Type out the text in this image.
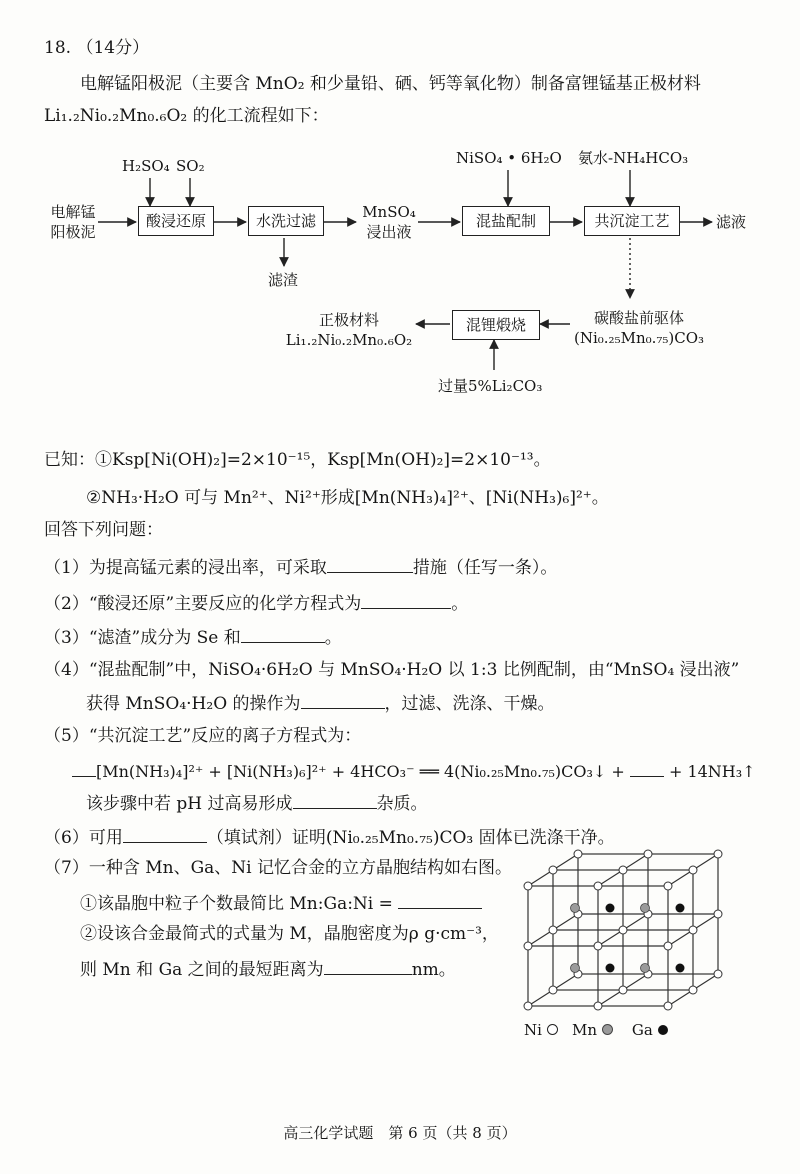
18. （14分）
电解锰阳极泥（主要含 MnO₂ 和少量铅、硒、钙等氧化物）制备富锂锰基正极材料
Li₁.₂Ni₀.₂Mn₀.₆O₂ 的化工流程如下：
电解锰
阳极泥
H₂SO₄ SO₂
酸浸还原	水洗过滤
滤渣
MnSO₄
浸出液
NiSO₄ • 6H₂O
混盐配制
氨水-NH₄HCO₃
共沉淀工艺	滤液
碳酸盐前驱体
(Ni₀.₂₅Mn₀.₇₅)CO₃
混锂煅烧
过量5%Li₂CO₃
正极材料
Li₁.₂Ni₀.₂Mn₀.₆O₂
已知：①Ksp[Ni(OH)₂]=2×10⁻¹⁵，Ksp[Mn(OH)₂]=2×10⁻¹³。
②NH₃·H₂O 可与 Mn²⁺、Ni²⁺形成[Mn(NH₃)₄]²⁺、[Ni(NH₃)₆]²⁺。
回答下列问题：
（1）为提高锰元素的浸出率，可采取	措施（任写一条）。
（2）“酸浸还原”主要反应的化学方程式为	。
（3）“滤渣”成分为 Se 和	。
（4）“混盐配制”中，NiSO₄·6H₂O 与 MnSO₄·H₂O 以 1:3 比例配制，由“MnSO₄ 浸出液”
获得 MnSO₄·H₂O 的操作为	，过滤、洗涤、干燥。
（5）“共沉淀工艺”反应的离子方程式为：
[Mn(NH₃)₄]²⁺ + [Ni(NH₃)₆]²⁺ + 4HCO₃⁻ ══ 4(Ni₀.₂₅Mn₀.₇₅)CO₃↓ +	+ 14NH₃↑
该步骤中若 pH 过高易形成	杂质。
（6）可用	（填试剂）证明(Ni₀.₂₅Mn₀.₇₅)CO₃ 固体已洗涤干净。
（7）一种含 Mn、Ga、Ni 记忆合金的立方晶胞结构如右图。
①该晶胞中粒子个数最简比 Mn:Ga:Ni =
②设该合金最简式的式量为 M，晶胞密度为ρ g·cm⁻³，
则 Mn 和 Ga 之间的最短距离为	nm。
Ni Mn Ga
高三化学试题　第 6 页（共 8 页）
